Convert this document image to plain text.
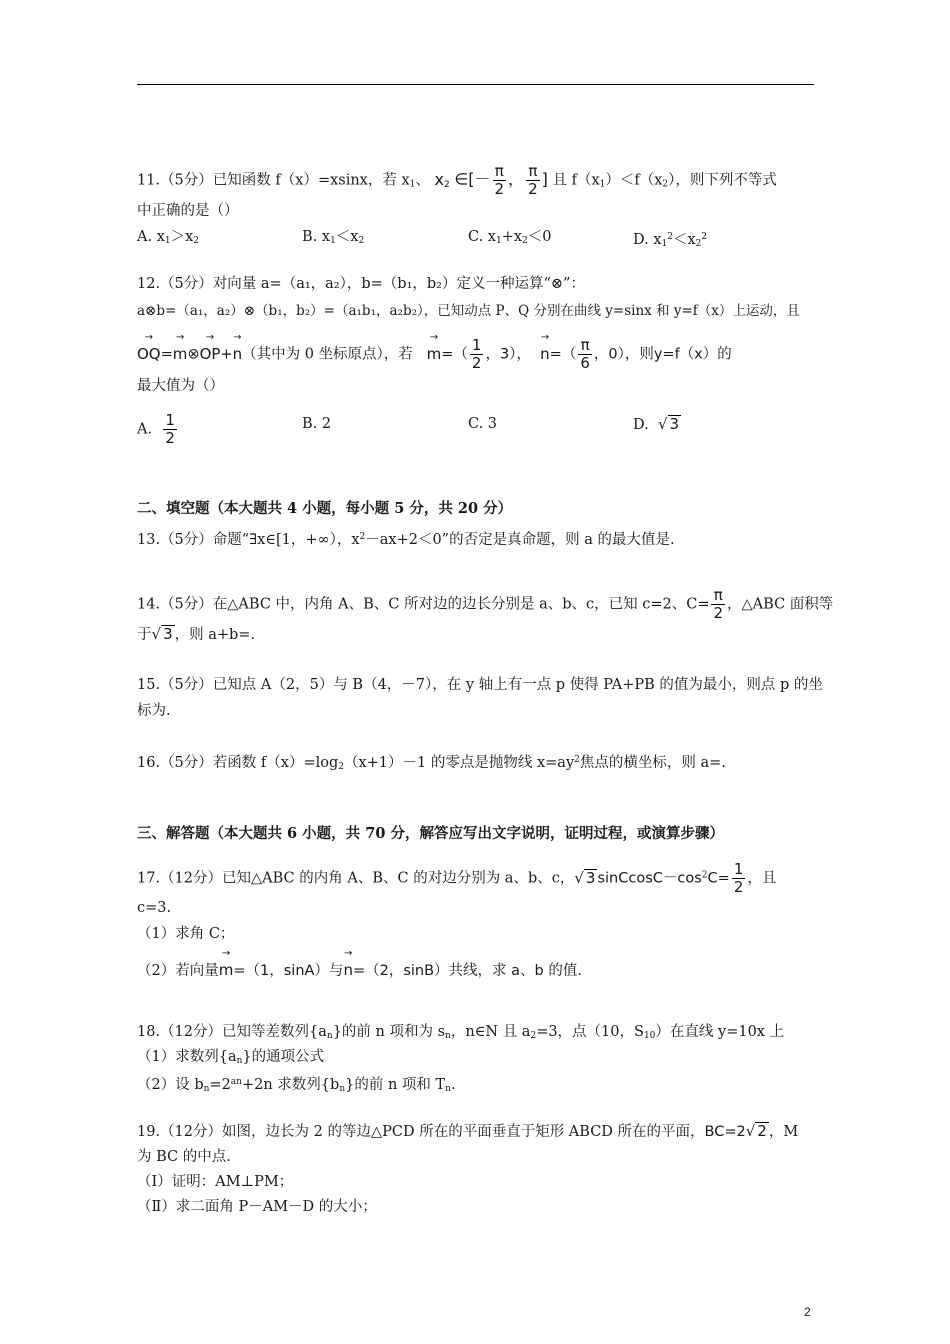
11.（5分）已知函数 f（x）=xsinx，若 $x_1$、 $x_2$ ∈[－ $\frac{\pi}{2}$ ， $\frac{\pi}{2}$ ] 且 $f(x_1)<f(x_2)$，则下列不等式
中正确的是（）
A. $x_1>x_2$	B. $x_1<x_2$	C. $x_1+x_2<0$	D. $x_1^2<x_2^2$
12.（5分）对向量 a=（a₁，a₂），b=（b₁，b₂）定义一种运算“⊗”：
a⊗b=（a₁，a₂）⊗（b₁，b₂）=（a₁b₁，a₂b₂），已知动点 P、Q 分别在曲线 y=sinx 和 y=f（x）上运动，且
→ OQ=→ m⊗→ OP+→ n（其中为 0 坐标原点），若 → $m=( \frac{1}{2}$ ，3）， → $n=( \frac{\pi}{6}$ ，0），则y=f（x）的
最大值为（）
A. $\frac{1}{2}$	B. 2	C. 3	D. √ 3
二、填空题（本大题共 4 小题，每小题 5 分，共 20 分）
13.（5分）命题“∃x∈[1，+∞），$x^2-ax+2<0$”的否定是真命题，则 a 的最大值是.
14.（5分）在△ABC 中，内角 A、B、C 所对边的边长分别是 a、b、c，已知 c=2、$C= \frac{\pi}{2}$ ，△ABC 面积等
于√ 3 ，则 a+b=.
15.（5分）已知点 A（2，5）与 B（4，－7），在 y 轴上有一点 p 使得 PA+PB 的值为最小，则点 p 的坐
标为.
16.（5分）若函数 $f(x)=\log_2(x+1)-1$ 的零点是抛物线 $x=ay^2$焦点的横坐标，则 a=.
三、解答题（本大题共 6 小题，共 70 分，解答应写出文字说明，证明过程，或演算步骤）
17.（12分）已知△ABC 的内角 A、B、C 的对边分别为 a、b、c，√ 3 $sinCcosC-\cos^2C= \frac{1}{2}$ ，且
c=3.
（1）求角 C；
（2）若向量→ m=（1，sinA）与→ n=（2，sinB）共线，求 a、b 的值.
18.（12分）已知等差数列$\{a_n\}$的前 n 项和为 $s_n$，n∈N 且 $a_2=3$，点（10，$S_{10}$）在直线 y=10x 上
（1）求数列$\{a_n\}$的通项公式
（2）设 $b_n=2^{an}+2n$ 求数列$\{b_n\}$的前 n 项和 $T_n$.
19.（12分）如图，边长为 2 的等边△PCD 所在的平面垂直于矩形 ABCD 所在的平面，BC=2√ 2 ，M
为 BC 的中点.
（Ⅰ）证明：AM⊥PM；
（Ⅱ）求二面角 P－AM－D 的大小；
2
